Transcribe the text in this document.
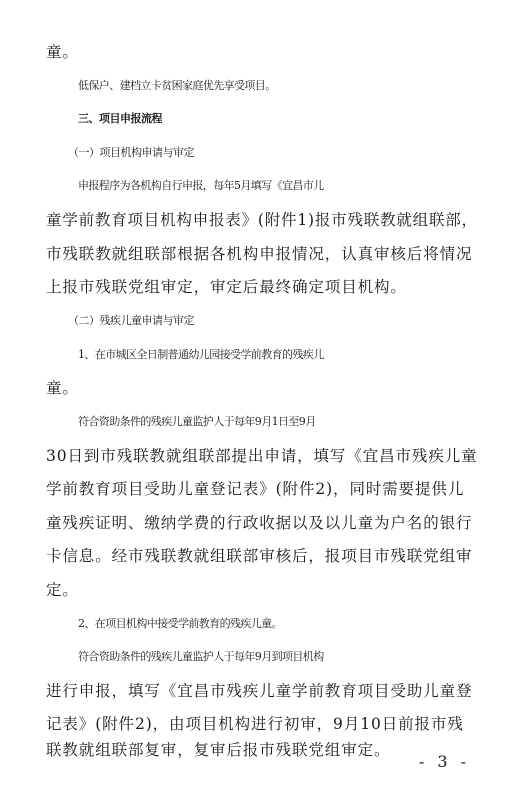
童。
低保户、建档立卡贫困家庭优先享受项目。
三、项目申报流程
（一）项目机构申请与审定
申报程序为各机构自行申报，每年5月填写《宜昌市儿
童学前教育项目机构申报表》(附件1)报市残联教就组联部，
市残联教就组联部根据各机构申报情况，认真审核后将情况
上报市残联党组审定，审定后最终确定项目机构。
（二）残疾儿童申请与审定
1、在市城区全日制普通幼儿园接受学前教育的残疾儿
童。
符合资助条件的残疾儿童监护人于每年9月1日至9月
30日到市残联教就组联部提出申请，填写《宜昌市残疾儿童
学前教育项目受助儿童登记表》(附件2)，同时需要提供儿
童残疾证明、缴纳学费的行政收据以及以儿童为户名的银行
卡信息。经市残联教就组联部审核后，报项目市残联党组审
定。
2、在项目机构中接受学前教育的残疾儿童。
符合资助条件的残疾儿童监护人于每年9月到项目机构
进行申报，填写《宜昌市残疾儿童学前教育项目受助儿童登
记表》(附件2)，由项目机构进行初审，9月10日前报市残
联教就组联部复审，复审后报市残联党组审定。
- 3 -
